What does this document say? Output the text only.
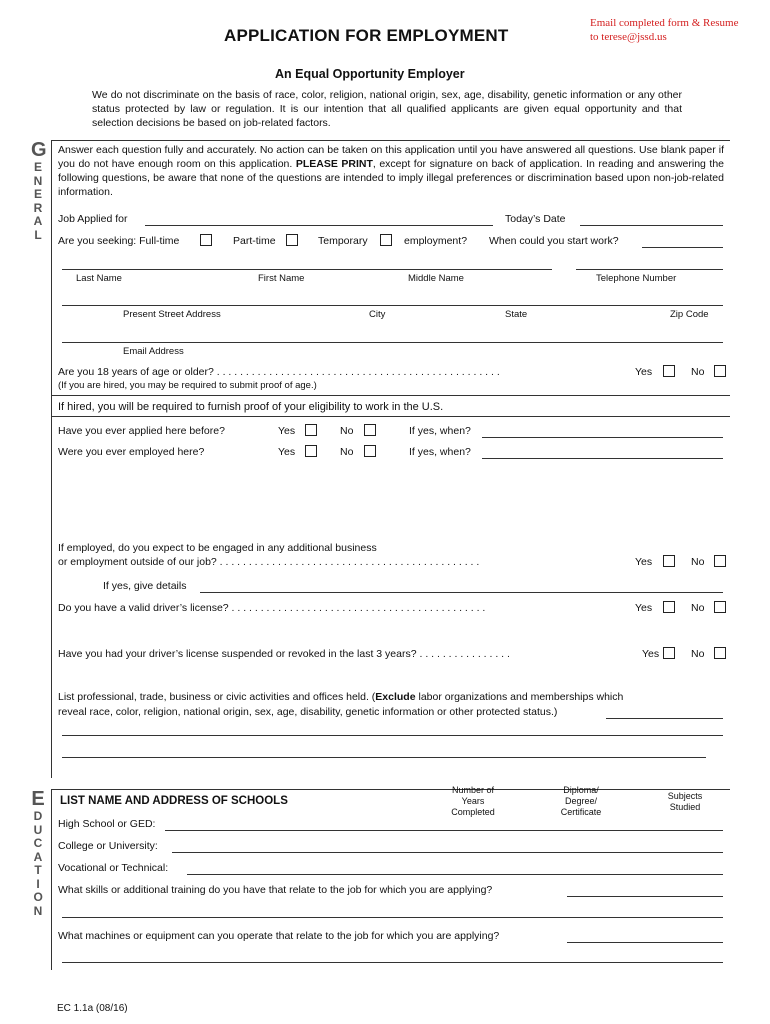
APPLICATION FOR EMPLOYMENT
Email completed form & Resume
to terese@jssd.us
An Equal Opportunity Employer
We do not discriminate on the basis of race, color, religion, national origin, sex, age, disability, genetic information or any other status protected by law or regulation. It is our intention that all qualified applicants are given equal opportunity and that selection decisions be based on job-related factors.
G
ENERAL
Answer each question fully and accurately. No action can be taken on this application until you have answered all questions. Use blank paper if you do not have enough room on this application. PLEASE PRINT, except for signature on back of application. In reading and answering the following questions, be aware that none of the questions are intended to imply illegal preferences or discrimination based upon non-job-related information.
Job Applied for	Today’s Date
Are you seeking: Full-time	Part-time	Temporary	employment? When could you start work?
Last Name	First Name	Middle Name	Telephone Number
Present Street Address	City	State	Zip Code
Email Address
Are you 18 years of age or older? . . . . . . . . . . . . . . . . . . . . . . . . . . . . . . . . . . . . . . . . . . . . . . . . .	Yes	No
(If you are hired, you may be required to submit proof of age.)
If hired, you will be required to furnish proof of your eligibility to work in the U.S.
Have you ever applied here before?	Yes	No	If yes, when?
Were you ever employed here?	Yes	No	If yes, when?
If employed, do you expect to be engaged in any additional business
or employment outside of our job? . . . . . . . . . . . . . . . . . . . . . . . . . . . . . . . . . . . . . . . . . . . . .	Yes	No
If yes, give details
Do you have a valid driver’s license? . . . . . . . . . . . . . . . . . . . . . . . . . . . . . . . . . . . . . . . . . . . .	Yes	No
Have you had your driver’s license suspended or revoked in the last 3 years? . . . . . . . . . . . . . . . .	Yes	No
List professional, trade, business or civic activities and offices held. (Exclude labor organizations and memberships which
reveal race, color, religion, national origin, sex, age, disability, genetic information or other protected status.)
E
DUCATION
LIST NAME AND ADDRESS OF SCHOOLS
Number of Years Completed
Diploma/ Degree/ Certificate
Subjects Studied
High School or GED:
College or University:
Vocational or Technical:
What skills or additional training do you have that relate to the job for which you are applying?
What machines or equipment can you operate that relate to the job for which you are applying?
EC 1.1a (08/16)
